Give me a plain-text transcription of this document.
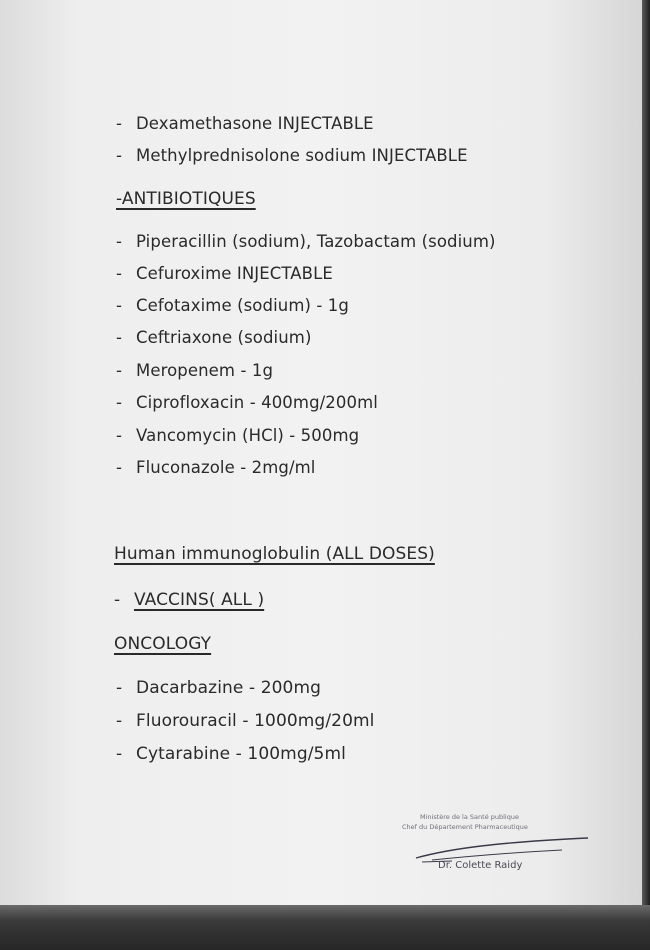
- Dexamethasone INJECTABLE
- Methylprednisolone sodium INJECTABLE
-ANTIBIOTIQUES
- Piperacillin (sodium), Tazobactam (sodium)
- Cefuroxime INJECTABLE
- Cefotaxime (sodium) - 1g
- Ceftriaxone (sodium)
- Meropenem - 1g
- Ciprofloxacin - 400mg/200ml
- Vancomycin (HCl) - 500mg
- Fluconazole - 2mg/ml
Human immunoglobulin (ALL DOSES)
- VACCINS( ALL )
ONCOLOGY
- Dacarbazine - 200mg
- Fluorouracil - 1000mg/20ml
- Cytarabine - 100mg/5ml
Ministère de la Santé publique
Chef du Département Pharmaceutique
Dr. Colette Raidy
